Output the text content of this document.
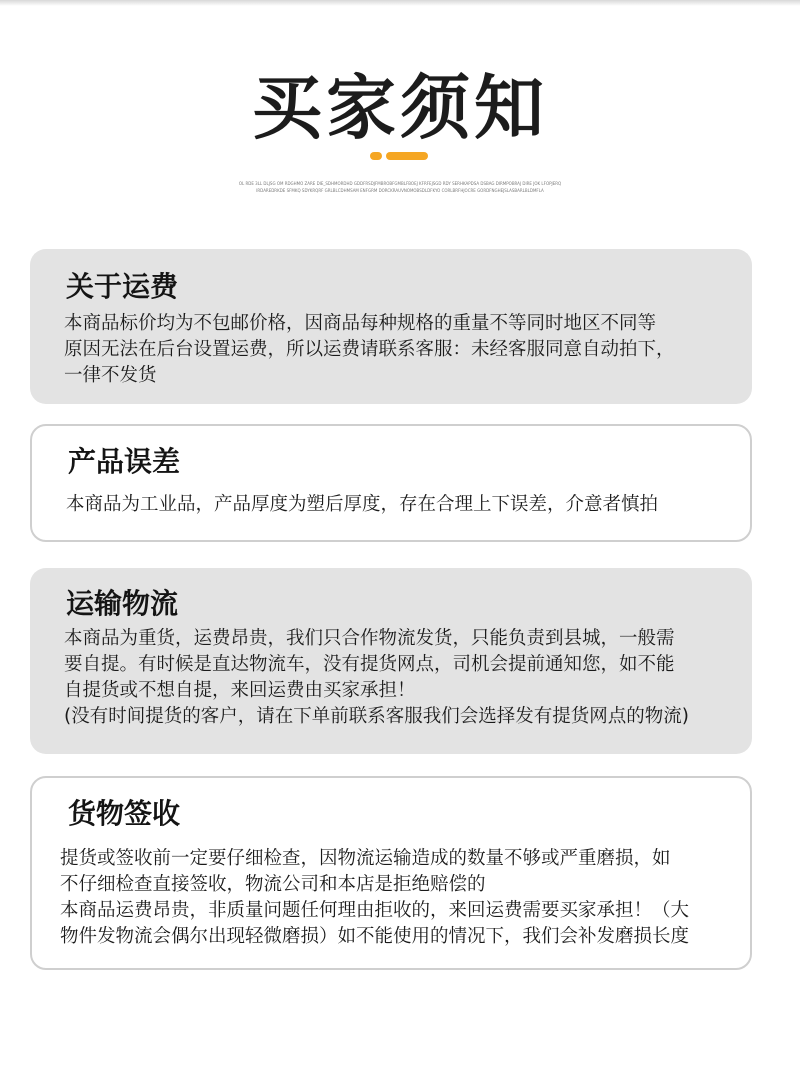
买家须知
OL RDE 3LL DLJSG OM RDGHMO ZARE DIE_SDHMORDHD GDDFRSDJFMBROBFGMBLFBOEJ KFRFEJSGD RDY SERHKAPDSA DSBAG DIRMPOBRAJ DIRE JOK LFOPJERQ IRDAREDRKDE SFMKQ SDYKRQRF GRLBLCDHMSAM ENFGRM DORCKRAUVNOMOBSDLDFKYO CORLBRFHJOCRE GORDFNGHEJSLASBARLBLDMFLA
关于运费

本商品标价均为不包邮价格，因商品每种规格的重量不等同时地区不同等
原因无法在后台设置运费，所以运费请联系客服：未经客服同意自动拍下，
一律不发货

产品误差

本商品为工业品，产品厚度为塑后厚度，存在合理上下误差，介意者慎拍

运输物流

本商品为重货，运费昂贵，我们只合作物流发货，只能负责到县城，一般需
要自提。有时候是直达物流车，没有提货网点，司机会提前通知您，如不能
自提货或不想自提，来回运费由买家承担！
(没有时间提货的客户，请在下单前联系客服我们会选择发有提货网点的物流)

货物签收

提货或签收前一定要仔细检查，因物流运输造成的数量不够或严重磨损，如
不仔细检查直接签收，物流公司和本店是拒绝赔偿的
本商品运费昂贵，非质量问题任何理由拒收的，来回运费需要买家承担！（大
物件发物流会偶尔出现轻微磨损）如不能使用的情况下，我们会补发磨损长度
